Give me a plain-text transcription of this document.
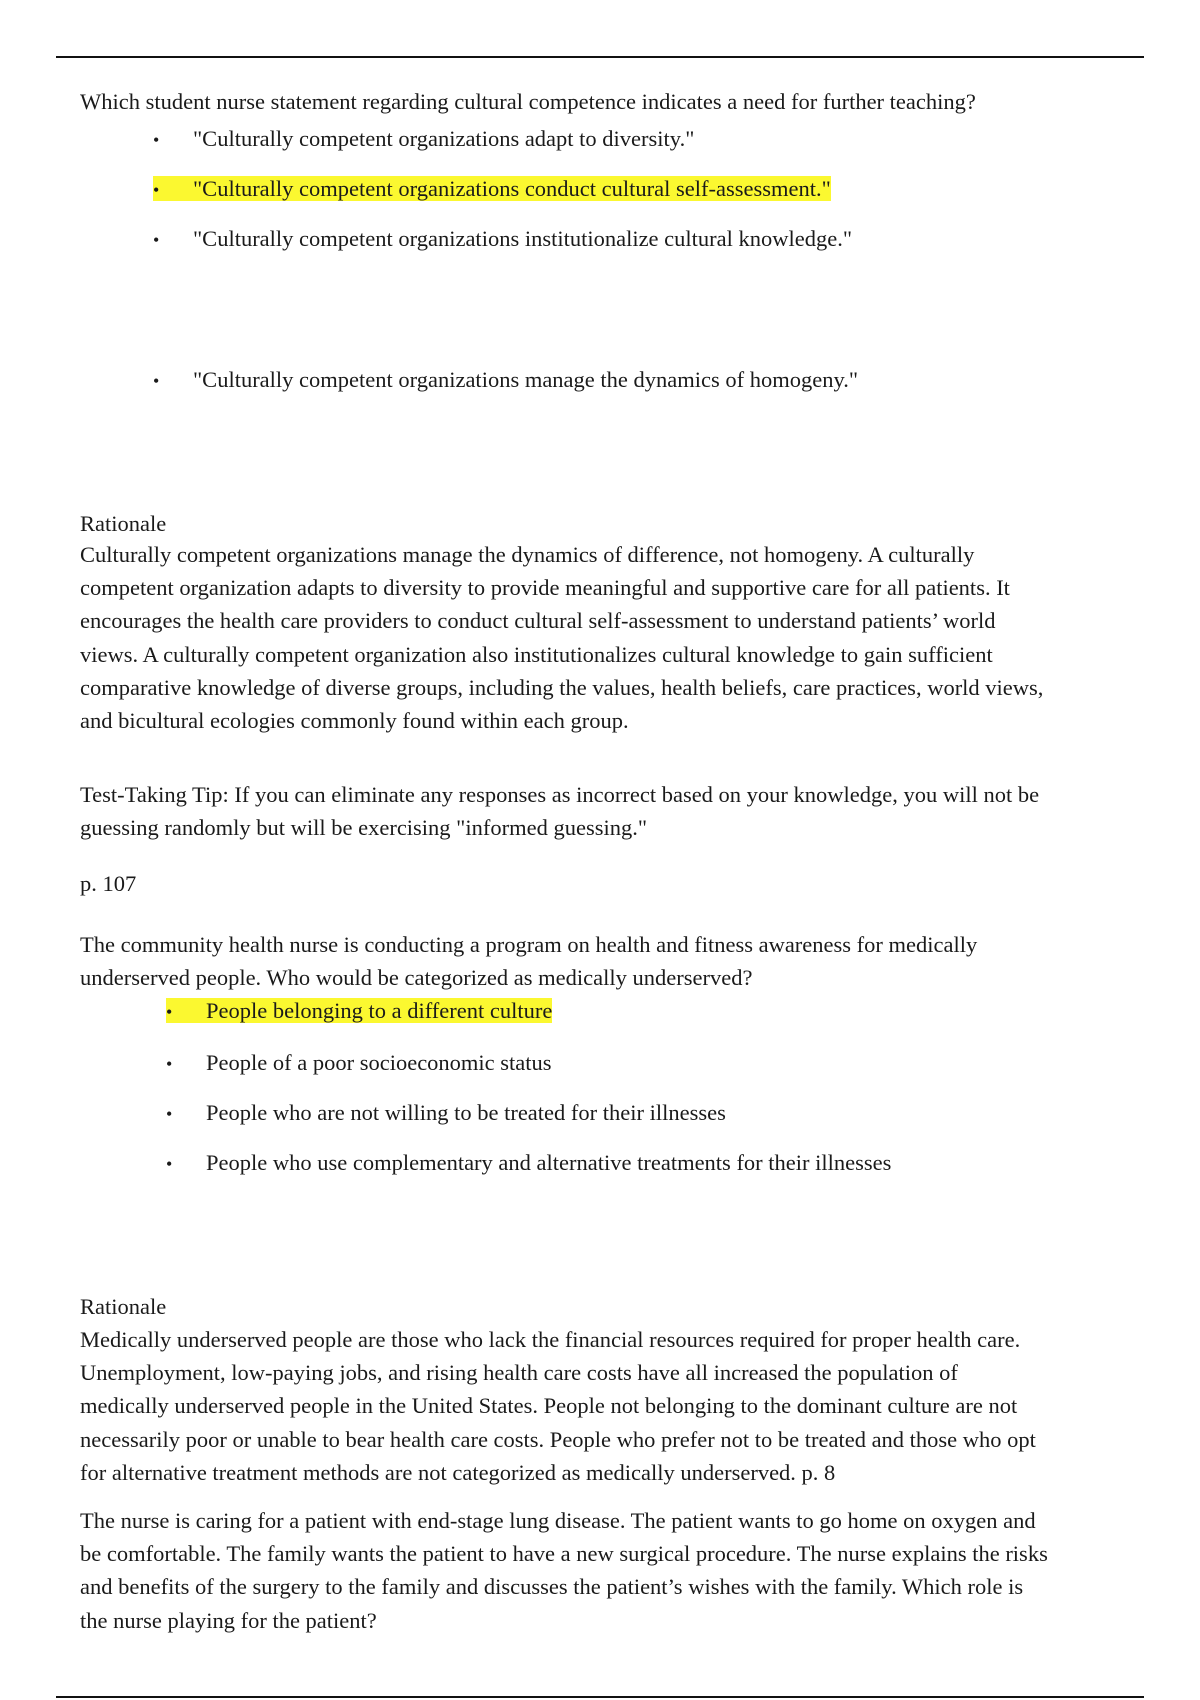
Which student nurse statement regarding cultural competence indicates a need for further teaching?
• "Culturally competent organizations adapt to diversity."
• "Culturally competent organizations conduct cultural self-assessment."
• "Culturally competent organizations institutionalize cultural knowledge."
• "Culturally competent organizations manage the dynamics of homogeny."
Rationale
Culturally competent organizations manage the dynamics of difference, not homogeny. A culturally
competent organization adapts to diversity to provide meaningful and supportive care for all patients. It
encourages the health care providers to conduct cultural self-assessment to understand patients’ world
views. A culturally competent organization also institutionalizes cultural knowledge to gain sufficient
comparative knowledge of diverse groups, including the values, health beliefs, care practices, world views,
and bicultural ecologies commonly found within each group.
Test-Taking Tip: If you can eliminate any responses as incorrect based on your knowledge, you will not be
guessing randomly but will be exercising "informed guessing."
p. 107
The community health nurse is conducting a program on health and fitness awareness for medically
underserved people. Who would be categorized as medically underserved?
• People belonging to a different culture
• People of a poor socioeconomic status
• People who are not willing to be treated for their illnesses
• People who use complementary and alternative treatments for their illnesses
Rationale
Medically underserved people are those who lack the financial resources required for proper health care.
Unemployment, low-paying jobs, and rising health care costs have all increased the population of
medically underserved people in the United States. People not belonging to the dominant culture are not
necessarily poor or unable to bear health care costs. People who prefer not to be treated and those who opt
for alternative treatment methods are not categorized as medically underserved. p. 8
The nurse is caring for a patient with end-stage lung disease. The patient wants to go home on oxygen and
be comfortable. The family wants the patient to have a new surgical procedure. The nurse explains the risks
and benefits of the surgery to the family and discusses the patient’s wishes with the family. Which role is
the nurse playing for the patient?
